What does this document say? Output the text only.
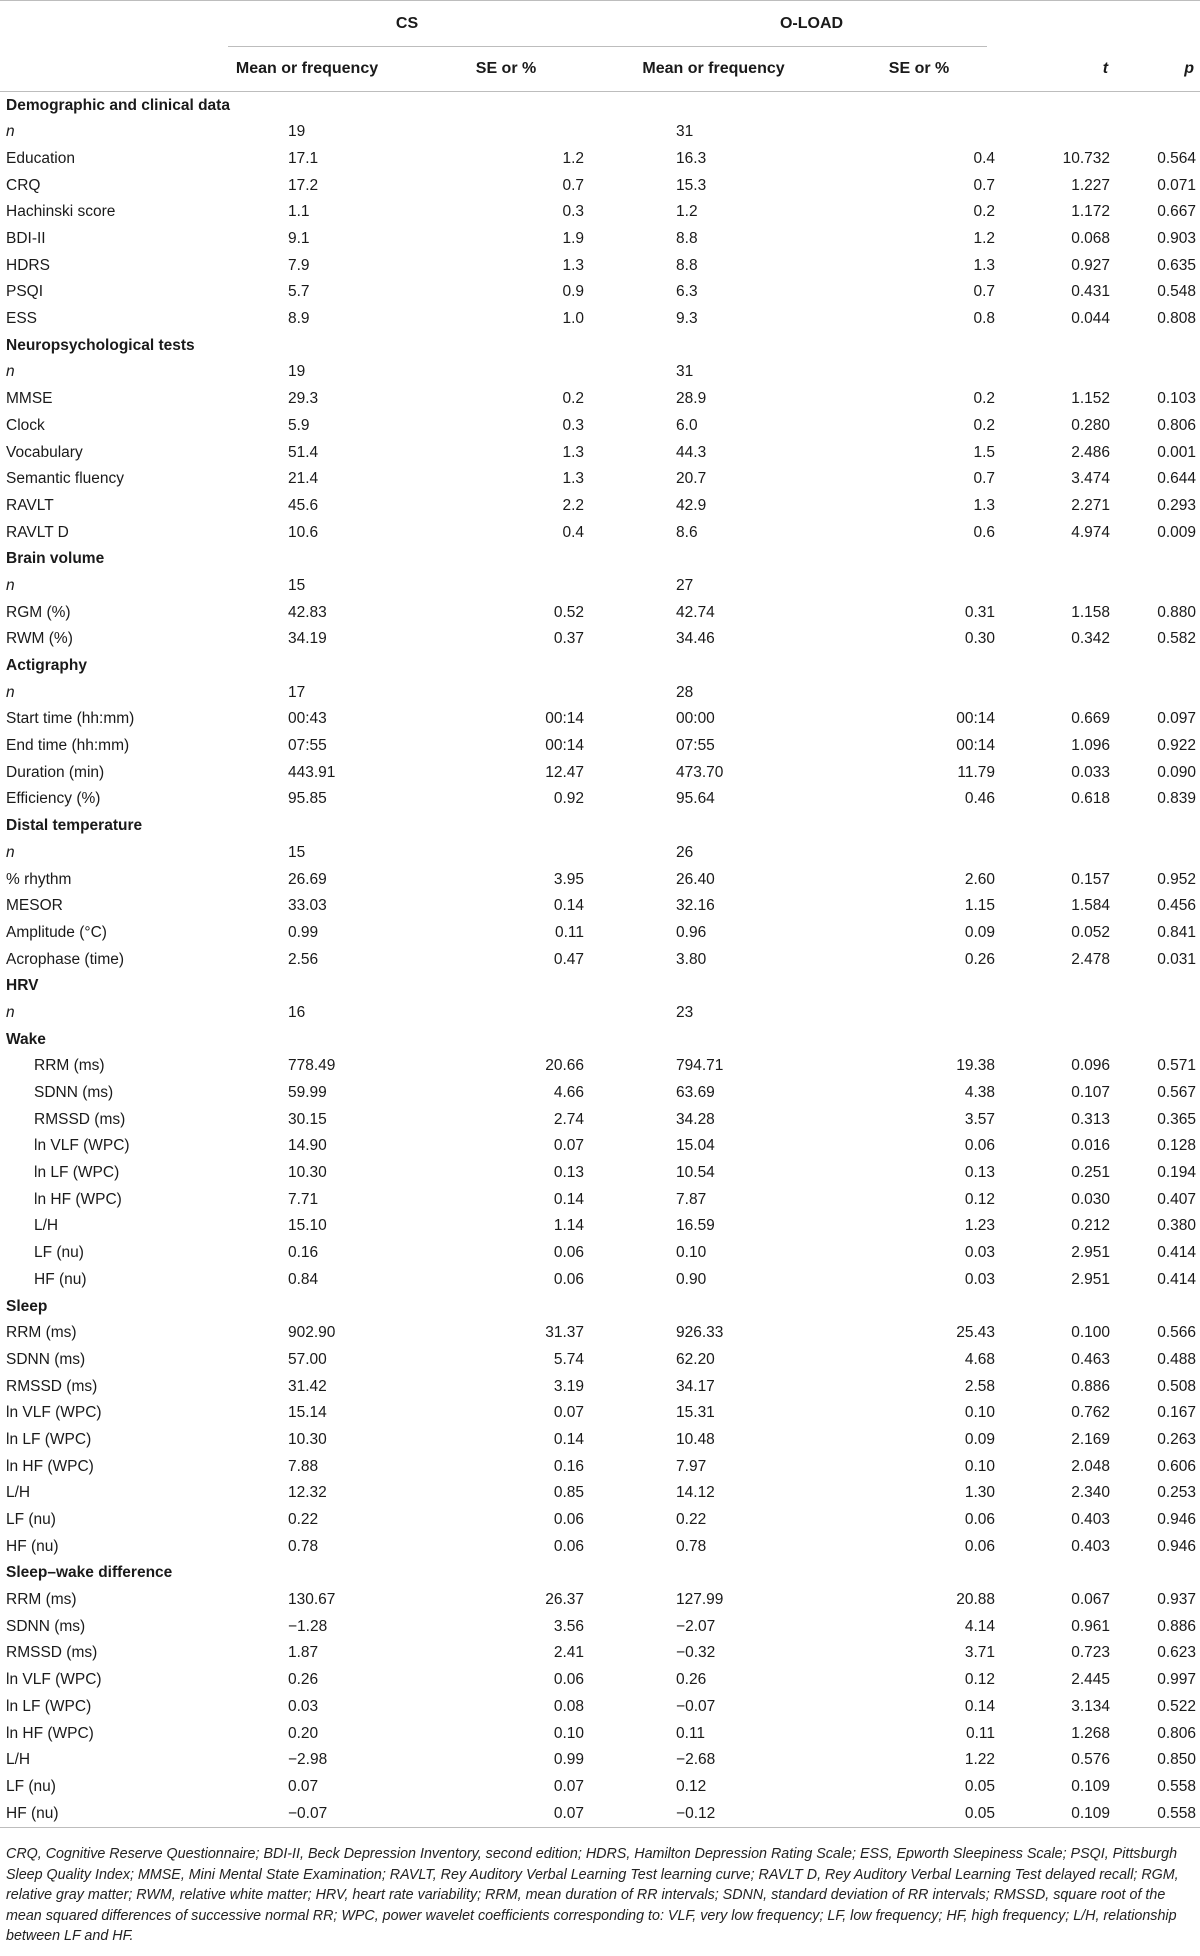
	CS		O-LOAD			
	Mean or frequency	SE or %	Mean or frequency	SE or %	t	p
Demographic and clinical data						
n	19		31			
Education	17.1	1.2	16.3	0.4	10.732	0.564
CRQ	17.2	0.7	15.3	0.7	1.227	0.071
Hachinski score	1.1	0.3	1.2	0.2	1.172	0.667
BDI-II	9.1	1.9	8.8	1.2	0.068	0.903
HDRS	7.9	1.3	8.8	1.3	0.927	0.635
PSQI	5.7	0.9	6.3	0.7	0.431	0.548
ESS	8.9	1.0	9.3	0.8	0.044	0.808
Neuropsychological tests						
n	19		31			
MMSE	29.3	0.2	28.9	0.2	1.152	0.103
Clock	5.9	0.3	6.0	0.2	0.280	0.806
Vocabulary	51.4	1.3	44.3	1.5	2.486	0.001
Semantic fluency	21.4	1.3	20.7	0.7	3.474	0.644
RAVLT	45.6	2.2	42.9	1.3	2.271	0.293
RAVLT D	10.6	0.4	8.6	0.6	4.974	0.009
Brain volume						
n	15		27			
RGM (%)	42.83	0.52	42.74	0.31	1.158	0.880
RWM (%)	34.19	0.37	34.46	0.30	0.342	0.582
Actigraphy						
n	17		28			
Start time (hh:mm)	00:43	00:14	00:00	00:14	0.669	0.097
End time (hh:mm)	07:55	00:14	07:55	00:14	1.096	0.922
Duration (min)	443.91	12.47	473.70	11.79	0.033	0.090
Efficiency (%)	95.85	0.92	95.64	0.46	0.618	0.839
Distal temperature						
n	15		26			
% rhythm	26.69	3.95	26.40	2.60	0.157	0.952
MESOR	33.03	0.14	32.16	1.15	1.584	0.456
Amplitude (°C)	0.99	0.11	0.96	0.09	0.052	0.841
Acrophase (time)	2.56	0.47	3.80	0.26	2.478	0.031
HRV						
n	16		23			
Wake						
RRM (ms)	778.49	20.66	794.71	19.38	0.096	0.571
SDNN (ms)	59.99	4.66	63.69	4.38	0.107	0.567
RMSSD (ms)	30.15	2.74	34.28	3.57	0.313	0.365
ln VLF (WPC)	14.90	0.07	15.04	0.06	0.016	0.128
ln LF (WPC)	10.30	0.13	10.54	0.13	0.251	0.194
ln HF (WPC)	7.71	0.14	7.87	0.12	0.030	0.407
L/H	15.10	1.14	16.59	1.23	0.212	0.380
LF (nu)	0.16	0.06	0.10	0.03	2.951	0.414
HF (nu)	0.84	0.06	0.90	0.03	2.951	0.414
Sleep						
RRM (ms)	902.90	31.37	926.33	25.43	0.100	0.566
SDNN (ms)	57.00	5.74	62.20	4.68	0.463	0.488
RMSSD (ms)	31.42	3.19	34.17	2.58	0.886	0.508
ln VLF (WPC)	15.14	0.07	15.31	0.10	0.762	0.167
ln LF (WPC)	10.30	0.14	10.48	0.09	2.169	0.263
ln HF (WPC)	7.88	0.16	7.97	0.10	2.048	0.606
L/H	12.32	0.85	14.12	1.30	2.340	0.253
LF (nu)	0.22	0.06	0.22	0.06	0.403	0.946
HF (nu)	0.78	0.06	0.78	0.06	0.403	0.946
Sleep–wake difference						
RRM (ms)	130.67	26.37	127.99	20.88	0.067	0.937
SDNN (ms)	−1.28	3.56	−2.07	4.14	0.961	0.886
RMSSD (ms)	1.87	2.41	−0.32	3.71	0.723	0.623
ln VLF (WPC)	0.26	0.06	0.26	0.12	2.445	0.997
ln LF (WPC)	0.03	0.08	−0.07	0.14	3.134	0.522
ln HF (WPC)	0.20	0.10	0.11	0.11	1.268	0.806
L/H	−2.98	0.99	−2.68	1.22	0.576	0.850
LF (nu)	0.07	0.07	0.12	0.05	0.109	0.558
HF (nu)	−0.07	0.07	−0.12	0.05	0.109	0.558
CRQ, Cognitive Reserve Questionnaire; BDI-II, Beck Depression Inventory, second edition; HDRS, Hamilton Depression Rating Scale; ESS, Epworth Sleepiness Scale; PSQI, Pittsburgh Sleep Quality Index; MMSE, Mini Mental State Examination; RAVLT, Rey Auditory Verbal Learning Test learning curve; RAVLT D, Rey Auditory Verbal Learning Test delayed recall; RGM, relative gray matter; RWM, relative white matter; HRV, heart rate variability; RRM, mean duration of RR intervals; SDNN, standard deviation of RR intervals; RMSSD, square root of the mean squared differences of successive normal RR; WPC, power wavelet coefficients corresponding to: VLF, very low frequency; LF, low frequency; HF, high frequency; L/H, relationship between LF and HF.
